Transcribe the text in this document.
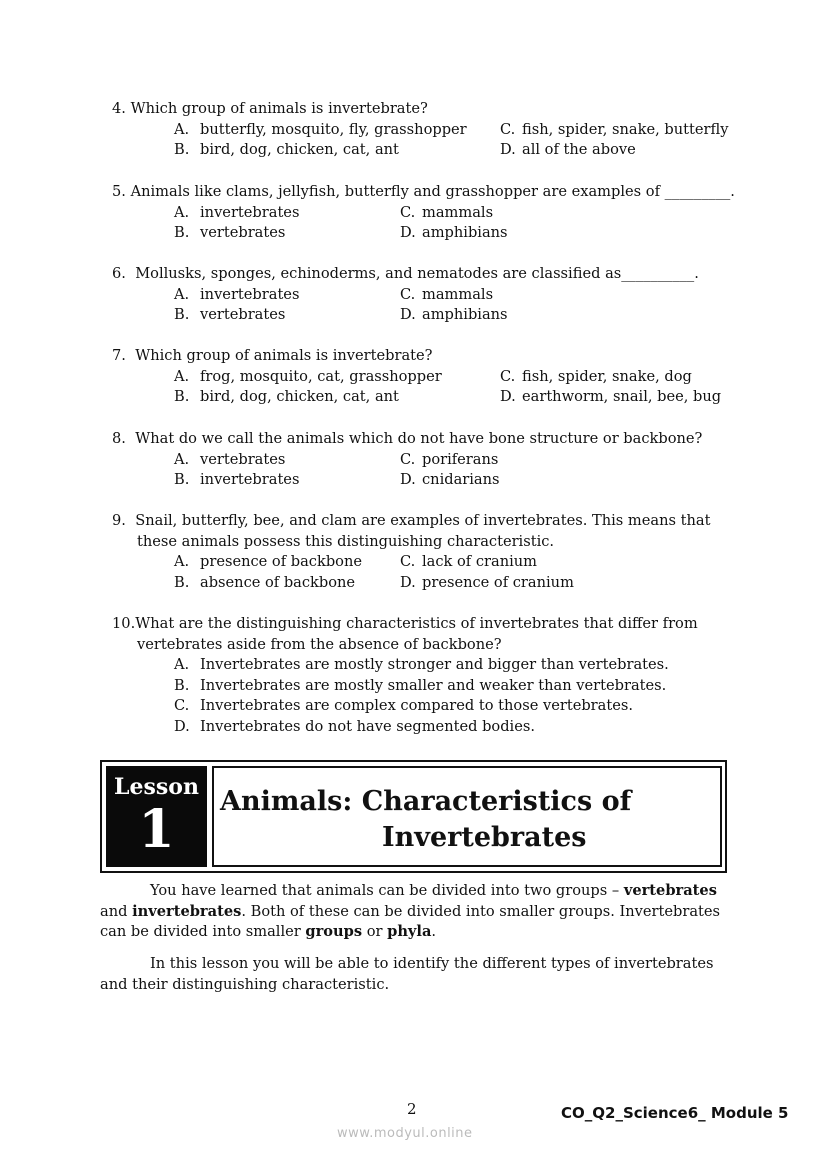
4. Which group of animals is invertebrate?
A. butterfly, mosquito, fly, grasshopper C. fish, spider, snake, butterfly
B. bird, dog, chicken, cat, ant	D. all of the above
5. Animals like clams, jellyfish, butterfly and grasshopper are examples of _________.
A. invertebrates	C. mammals
B. vertebrates	D. amphibians
6. Mollusks, sponges, echinoderms, and nematodes are classified as__________.
A. invertebrates	C. mammals
B. vertebrates	D. amphibians
7. Which group of animals is invertebrate?
A. frog, mosquito, cat, grasshopper	C. fish, spider, snake, dog
B. bird, dog, chicken, cat, ant	D. earthworm, snail, bee, bug
8. What do we call the animals which do not have bone structure or backbone?
A. vertebrates	C. poriferans
B. invertebrates	D. cnidarians
9. Snail, butterfly, bee, and clam are examples of invertebrates. This means that
these animals possess this distinguishing characteristic.
A. presence of backbone	C. lack of cranium
B. absence of backbone	D. presence of cranium
10.What are the distinguishing characteristics of invertebrates that differ from
vertebrates aside from the absence of backbone?
A. Invertebrates are mostly stronger and bigger than vertebrates.
B. Invertebrates are mostly smaller and weaker than vertebrates.
C. Invertebrates are complex compared to those vertebrates.
D. Invertebrates do not have segmented bodies.
Lesson
1	Animals: Characteristics of
Invertebrates

You have learned that animals can be divided into two groups – vertebrates and invertebrates. Both of these can be divided into smaller groups. Invertebrates can be divided into smaller groups or phyla.

In this lesson you will be able to identify the different types of invertebrates and their distinguishing characteristic.

2	CO_Q2_Science6_ Module 5
www.modyul.online
